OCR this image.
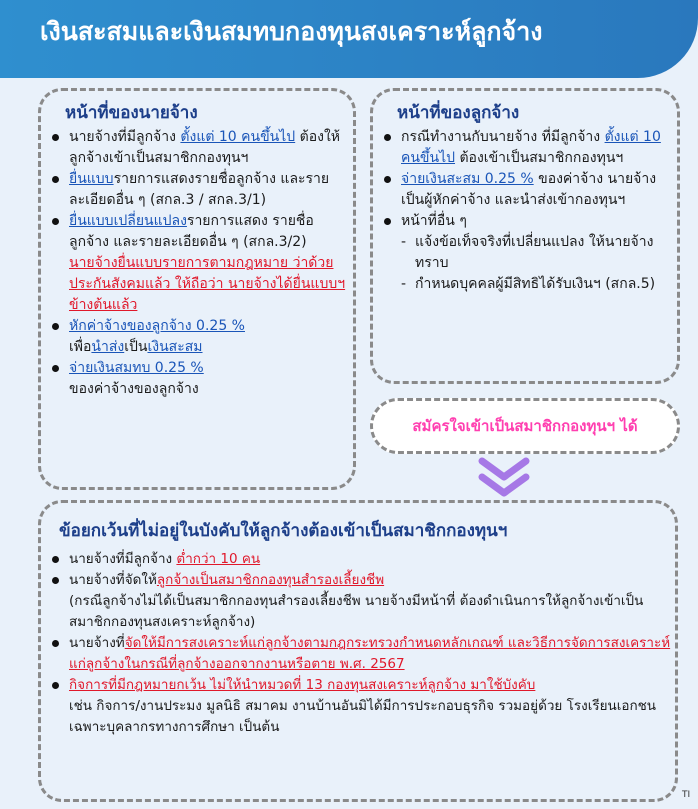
เงินสะสมและเงินสมทบกองทุนสงเคราะห์ลูกจ้าง
หน้าที่ของนายจ้าง
นายจ้างที่มีลูกจ้าง ตั้งแต่ 10 คนขึ้นไป ต้องให้ลูกจ้างเข้าเป็นสมาชิกกองทุนฯ
ยื่นแบบรายการแสดงรายชื่อลูกจ้าง และรายละเอียดอื่น ๆ (สกล.3 / สกล.3/1)
ยื่นแบบเปลี่ยนแปลงรายการแสดง รายชื่อลูกจ้าง และรายละเอียดอื่น ๆ (สกล.3/2)
นายจ้างยื่นแบบรายการตามกฎหมาย ว่าด้วยประกันสังคมแล้ว ให้ถือว่า นายจ้างได้ยื่นแบบฯ ข้างต้นแล้ว
หักค่าจ้างของลูกจ้าง 0.25 %
เพื่อนำส่งเป็นเงินสะสม
จ่ายเงินสมทบ 0.25 %
ของค่าจ้างของลูกจ้าง
หน้าที่ของลูกจ้าง
กรณีทำงานกับนายจ้าง ที่มีลูกจ้าง ตั้งแต่ 10 คนขึ้นไป ต้องเข้าเป็นสมาชิกกองทุนฯ
จ่ายเงินสะสม 0.25 % ของค่าจ้าง นายจ้างเป็นผู้หักค่าจ้าง และนำส่งเข้ากองทุนฯ
หน้าที่อื่น ๆ
- แจ้งข้อเท็จจริงที่เปลี่ยนแปลง ให้นายจ้างทราบ
- กำหนดบุคคลผู้มีสิทธิได้รับเงินฯ (สกล.5)
สมัครใจเข้าเป็นสมาชิกกองทุนฯ ได้
ข้อยกเว้นที่ไม่อยู่ในบังคับให้ลูกจ้างต้องเข้าเป็นสมาชิกกองทุนฯ
นายจ้างที่มีลูกจ้าง ต่ำกว่า 10 คน
นายจ้างที่จัดให้ลูกจ้างเป็นสมาชิกกองทุนสำรองเลี้ยงชีพ
(กรณีลูกจ้างไม่ได้เป็นสมาชิกกองทุนสำรองเลี้ยงชีพ นายจ้างมีหน้าที่ ต้องดำเนินการให้ลูกจ้างเข้าเป็นสมาชิกกองทุนสงเคราะห์ลูกจ้าง)
นายจ้างที่จัดให้มีการสงเคราะห์แก่ลูกจ้างตามกฎกระทรวงกำหนดหลักเกณฑ์ และวิธีการจัดการสงเคราะห์แก่ลูกจ้างในกรณีที่ลูกจ้างออกจากงานหรือตาย พ.ศ. 2567
กิจการที่มีกฎหมายกเว้น ไม่ให้นำหมวดที่ 13 กองทุนสงเคราะห์ลูกจ้าง มาใช้บังคับ
เช่น กิจการ/งานประมง มูลนิธิ สมาคม งานบ้านอันมิได้มีการประกอบธุรกิจ รวมอยู่ด้วย โรงเรียนเอกชนเฉพาะบุคลากรทางการศึกษา เป็นต้น
TI
